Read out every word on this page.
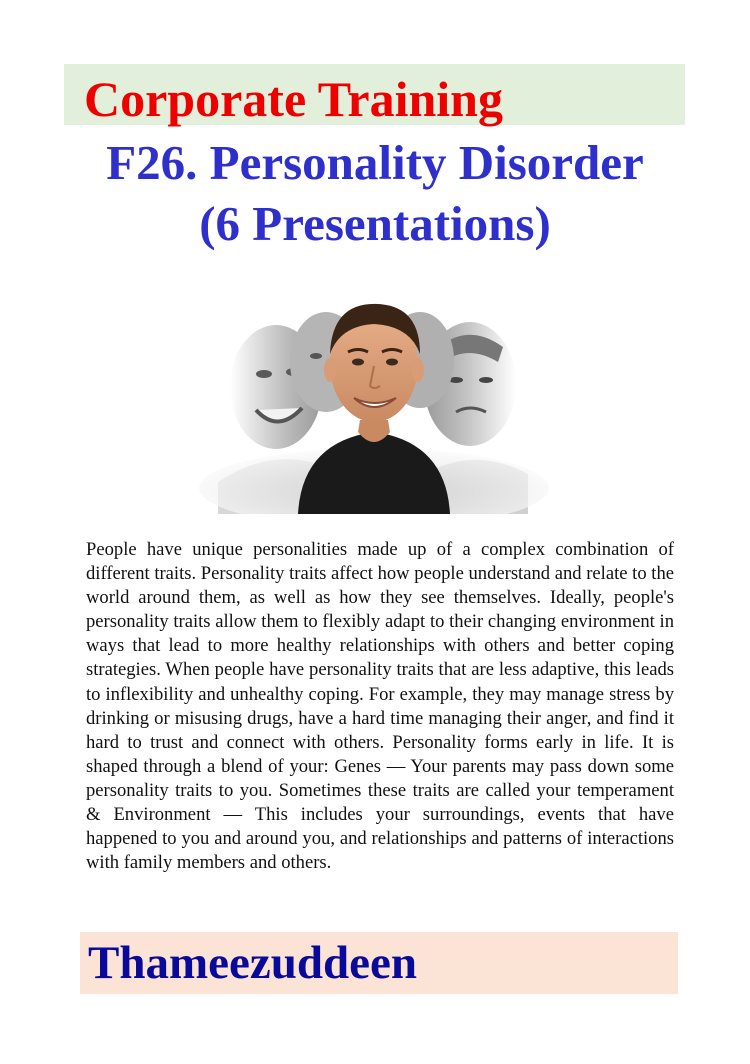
Corporate Training
F26. Personality Disorder
(6 Presentations)

People have unique personalities made up of a complex combination of different traits. Personality traits affect how people understand and relate to the world around them, as well as how they see themselves. Ideally, people's personality traits allow them to flexibly adapt to their changing environment in ways that lead to more healthy relationships with others and better coping strategies. When people have personality traits that are less adaptive, this leads to inflexibility and unhealthy coping. For example, they may manage stress by drinking or misusing drugs, have a hard time managing their anger, and find it hard to trust and connect with others. Personality forms early in life. It is shaped through a blend of your: Genes — Your parents may pass down some personality traits to you. Sometimes these traits are called your temperament & Environment — This includes your surroundings, events that have happened to you and around you, and relationships and patterns of interactions with family members and others.

Thameezuddeen
